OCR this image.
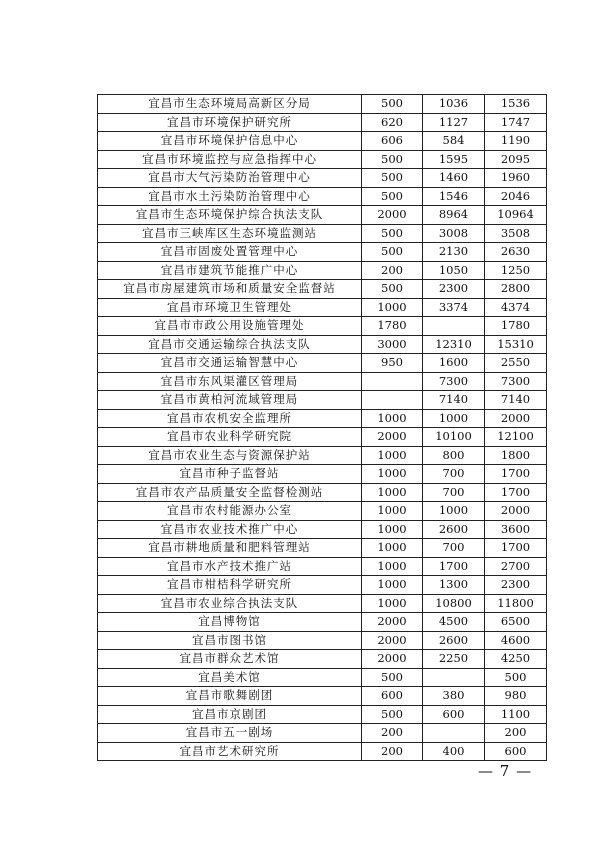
宜昌市生态环境局高新区分局	500	1036	1536
宜昌市环境保护研究所	620	1127	1747
宜昌市环境保护信息中心	606	584	1190
宜昌市环境监控与应急指挥中心	500	1595	2095
宜昌市大气污染防治管理中心	500	1460	1960
宜昌市水土污染防治管理中心	500	1546	2046
宜昌市生态环境保护综合执法支队	2000	8964	10964
宜昌市三峡库区生态环境监测站	500	3008	3508
宜昌市固废处置管理中心	500	2130	2630
宜昌市建筑节能推广中心	200	1050	1250
宜昌市房屋建筑市场和质量安全监督站	500	2300	2800
宜昌市环境卫生管理处	1000	3374	4374
宜昌市市政公用设施管理处	1780		1780
宜昌市交通运输综合执法支队	3000	12310	15310
宜昌市交通运输智慧中心	950	1600	2550
宜昌市东风渠灌区管理局		7300	7300
宜昌市黄柏河流域管理局		7140	7140
宜昌市农机安全监理所	1000	1000	2000
宜昌市农业科学研究院	2000	10100	12100
宜昌市农业生态与资源保护站	1000	800	1800
宜昌市种子监督站	1000	700	1700
宜昌市农产品质量安全监督检测站	1000	700	1700
宜昌市农村能源办公室	1000	1000	2000
宜昌市农业技术推广中心	1000	2600	3600
宜昌市耕地质量和肥料管理站	1000	700	1700
宜昌市水产技术推广站	1000	1700	2700
宜昌市柑桔科学研究所	1000	1300	2300
宜昌市农业综合执法支队	1000	10800	11800
宜昌博物馆	2000	4500	6500
宜昌市图书馆	2000	2600	4600
宜昌市群众艺术馆	2000	2250	4250
宜昌美术馆	500		500
宜昌市歌舞剧团	600	380	980
宜昌市京剧团	500	600	1100
宜昌市五一剧场	200		200
宜昌市艺术研究所	200	400	600
— 7 —
